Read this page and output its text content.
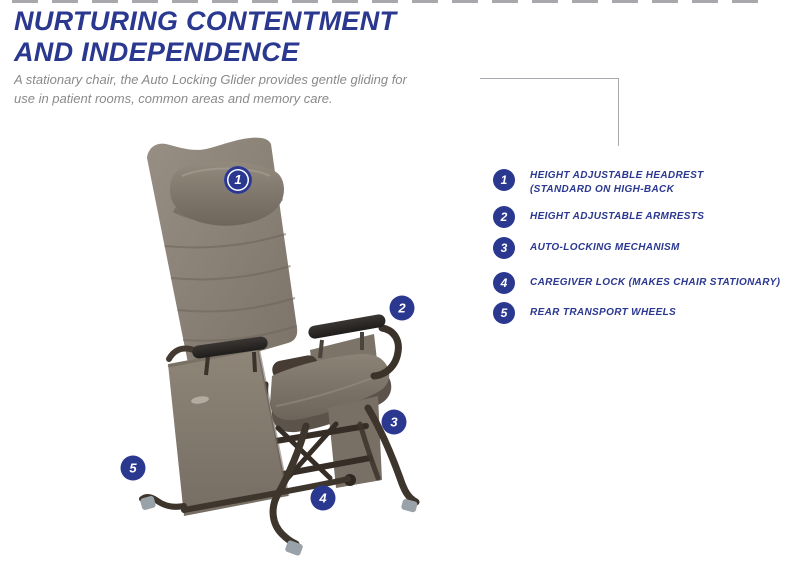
NURTURING CONTENTMENT
AND INDEPENDENCE
A stationary chair, the Auto Locking Glider provides gentle gliding for
use in patient rooms, common areas and memory care.
1
2
3
4
5
1	HEIGHT ADJUSTABLE HEADREST
(STANDARD ON HIGH-BACK
2	HEIGHT ADJUSTABLE ARMRESTS
3	AUTO-LOCKING MECHANISM
4	CAREGIVER LOCK (MAKES CHAIR STATIONARY)
5	REAR TRANSPORT WHEELS
